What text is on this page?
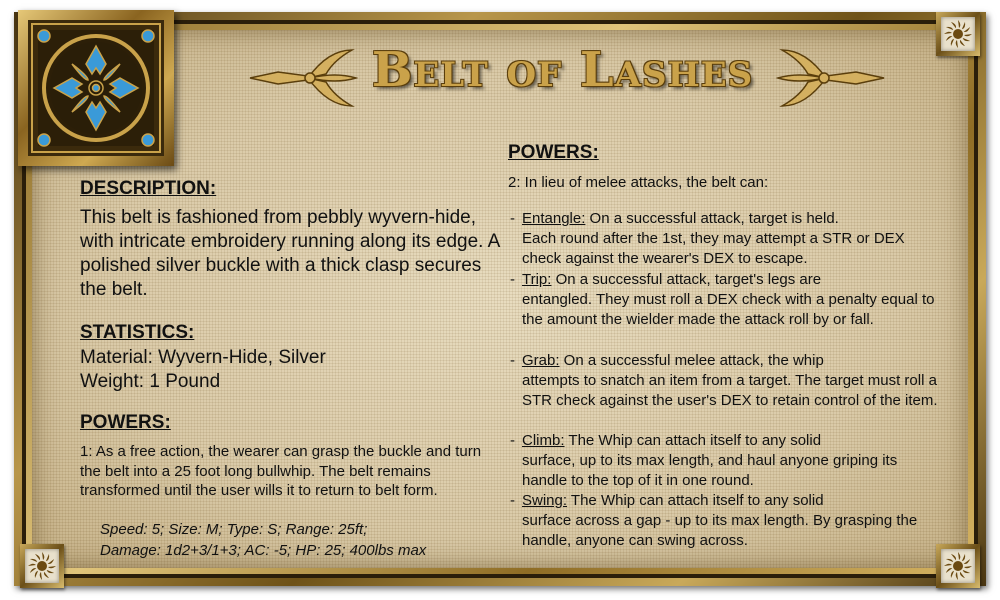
Belt of Lashes
DESCRIPTION:
This belt is fashioned from pebbly wyvern-hide, with intricate embroidery running along its edge. A polished silver buckle with a thick clasp secures the belt.
STATISTICS:
Material: Wyvern-Hide, Silver
Weight: 1 Pound
POWERS:
1: As a free action, the wearer can grasp the buckle and turn the belt into a 25 foot long bullwhip. The belt remains transformed until the user wills it to return to belt form.
Speed: 5; Size: M; Type: S; Range: 25ft;
Damage: 1d2+3/1+3; AC: -5; HP: 25; 400lbs max
POWERS:
2: In lieu of melee attacks, the belt can:
- Entangle: On a successful attack, target is held.
Each round after the 1st, they may attempt a STR or DEX check against the wearer's DEX to escape.
- Trip: On a successful attack, target's legs are
entangled. They must roll a DEX check with a penalty equal to the amount the wielder made the attack roll by or fall.
- Grab: On a successful melee attack, the whip
attempts to snatch an item from a target. The target must roll a STR check against the user's DEX to retain control of the item.
- Climb: The Whip can attach itself to any solid
surface, up to its max length, and haul anyone griping its handle to the top of it in one round.
- Swing: The Whip can attach itself to any solid
surface across a gap - up to its max length. By grasping the handle, anyone can swing across.
